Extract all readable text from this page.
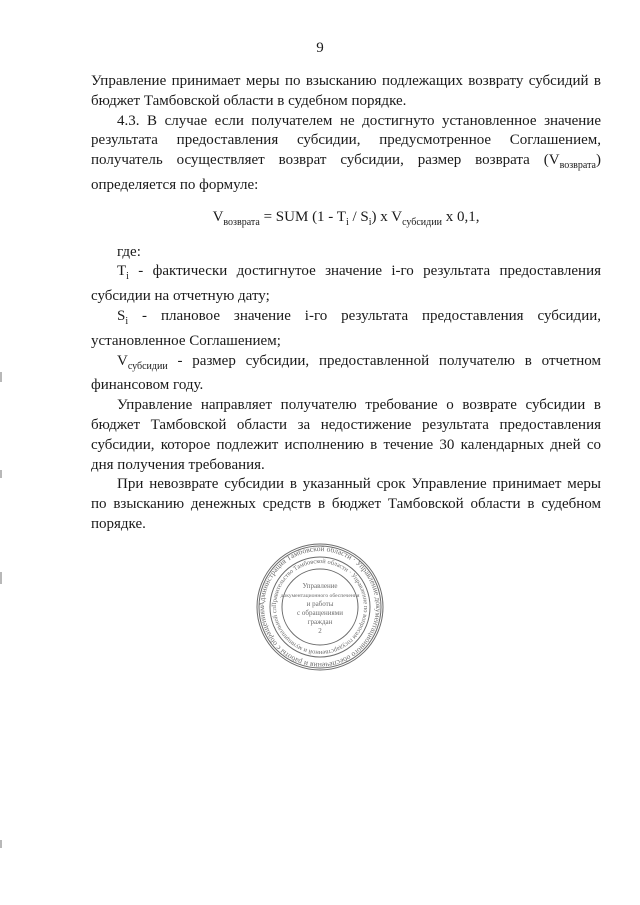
9

Управление принимает меры по взысканию подлежащих возврату субсидий в бюджет Тамбовской области в судебном порядке.

4.3. В случае если получателем не достигнуто установленное значение результата предоставления субсидии, предусмотренное Соглашением, получатель осуществляет возврат субсидии, размер возврата $(V_{возврата})$ определяется по формуле:

$V_{возврата}$ = SUM $(1 - T_i / S_i)$ x $V_{субсидии}$ x 0,1,

где:

$T_i$ - фактически достигнутое значение i-го результата предоставления субсидии на отчетную дату;

$S_i$ - плановое значение i-го результата предоставления субсидии, установленное Соглашением;

$V_{субсидии}$ - размер субсидии, предоставленной получателю в отчетном финансовом году.

Управление направляет получателю требование о возврате субсидии в бюджет Тамбовской области за недостижение результата предоставления субсидии, которое подлежит исполнению в течение 30 календарных дней со дня получения требования.

При невозврате субсидии в указанный срок Управление принимает меры по взысканию денежных средств в бюджет Тамбовской области в судебном порядке.

Администрация Тамбовской области · Управление документационного обеспечения и работы с обращениям
Правительство Тамбовской области · Управление по вопросам государственной и муниципальной сл
Управление
документационного обеспечения
и работы
с обращениями
граждан
2
